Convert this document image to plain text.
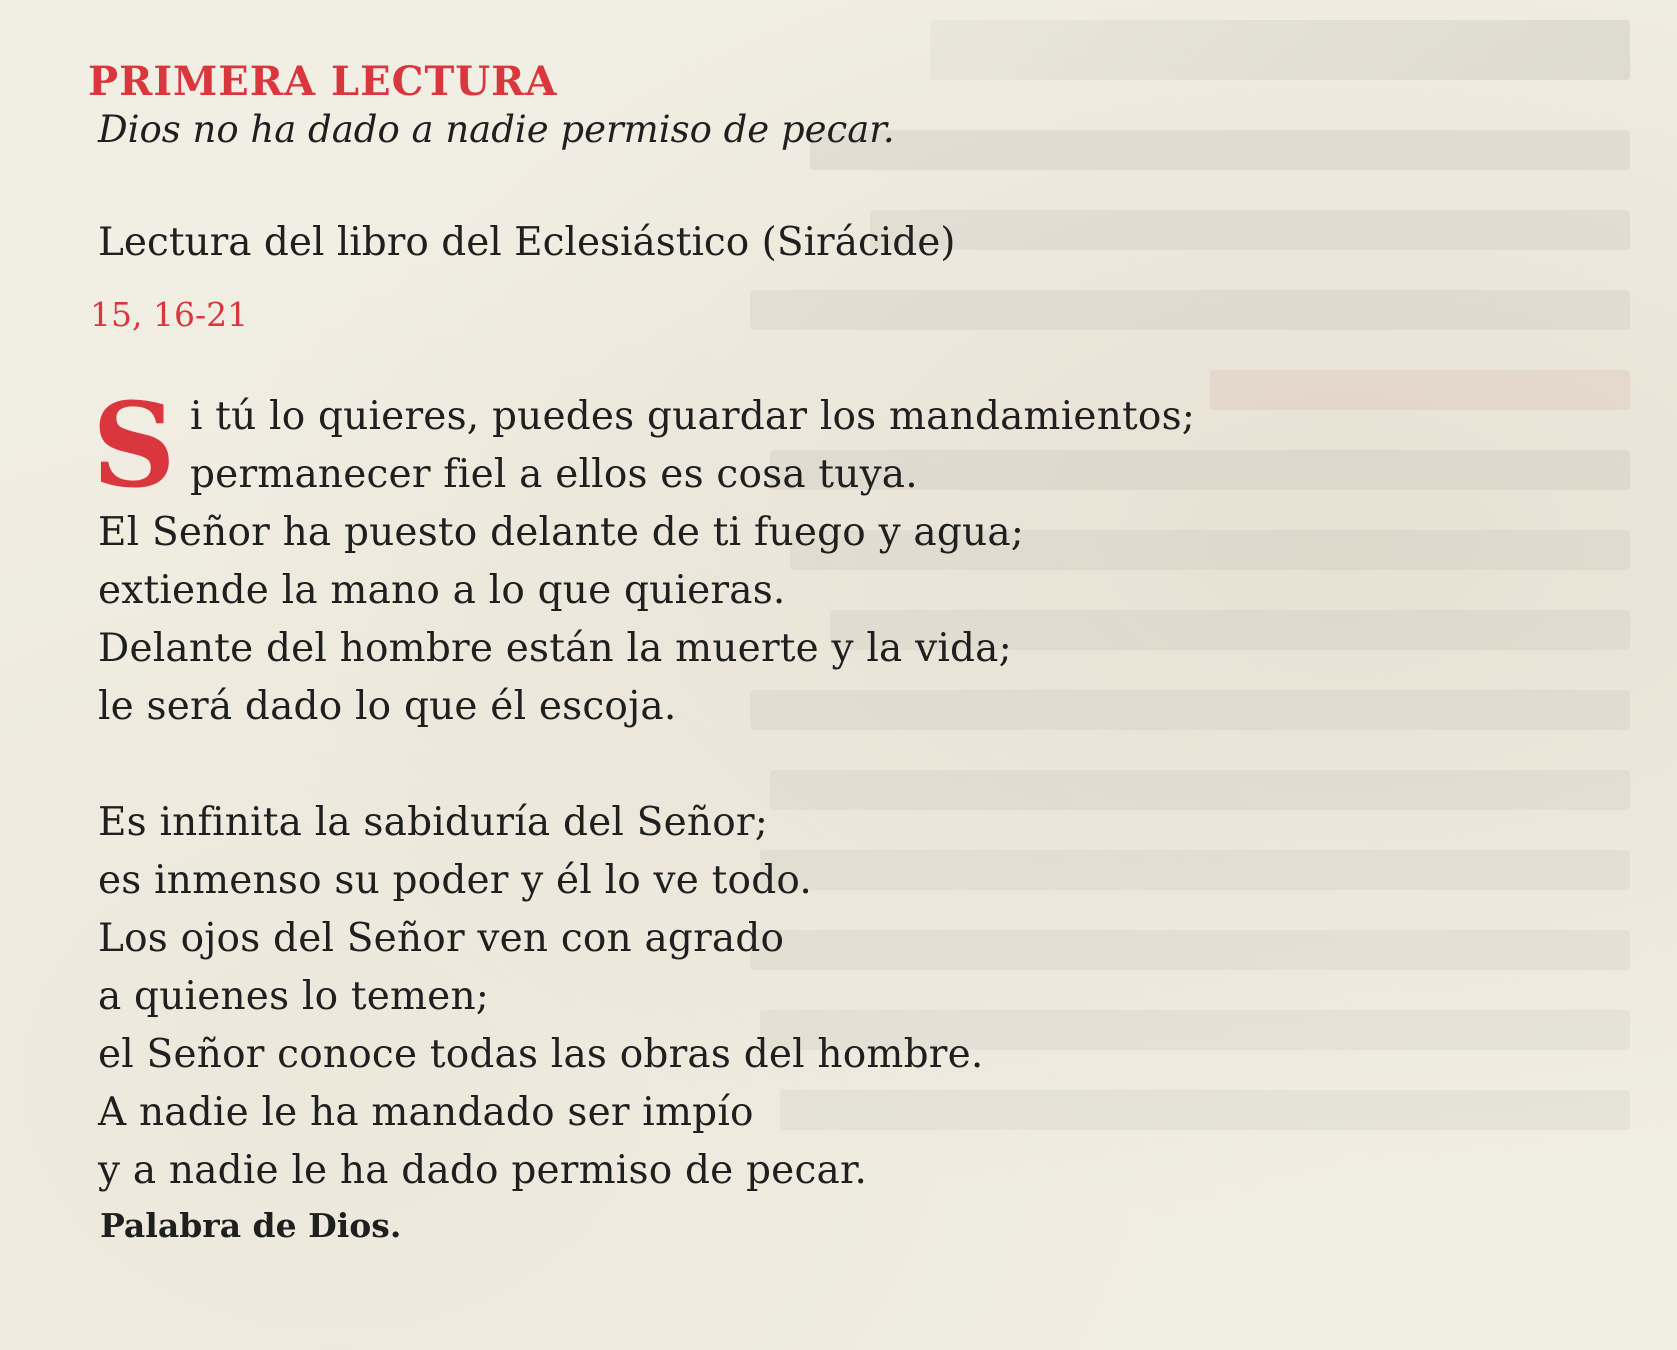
PRIMERA LECTURA
Dios no ha dado a nadie permiso de pecar.
Lectura del libro del Eclesiástico (Sirácide)
15, 16-21
S i tú lo quieres, puedes guardar los mandamientos;
permanecer fiel a ellos es cosa tuya.
El Señor ha puesto delante de ti fuego y agua;
extiende la mano a lo que quieras.
Delante del hombre están la muerte y la vida;
le será dado lo que él escoja.
Es infinita la sabiduría del Señor;
es inmenso su poder y él lo ve todo.
Los ojos del Señor ven con agrado
a quienes lo temen;
el Señor conoce todas las obras del hombre.
A nadie le ha mandado ser impío
y a nadie le ha dado permiso de pecar.
Palabra de Dios.
